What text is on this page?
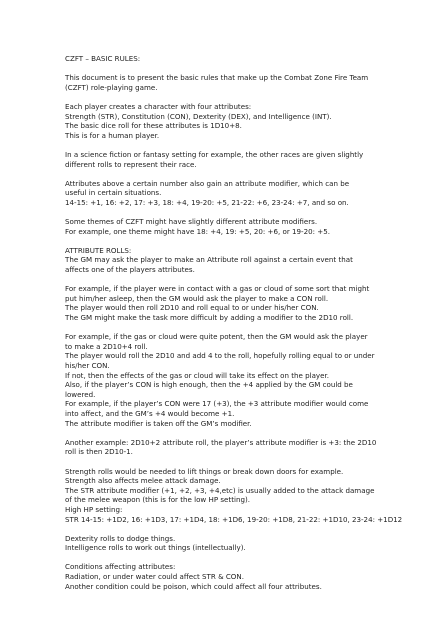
CZFT – BASIC RULES:
This document is to present the basic rules that make up the Combat Zone Fire Team
(CZFT) role-playing game.
Each player creates a character with four attributes:
Strength (STR), Constitution (CON), Dexterity (DEX), and Intelligence (INT).
The basic dice roll for these attributes is 1D10+8.
This is for a human player.
In a science fiction or fantasy setting for example, the other races are given slightly
different rolls to represent their race.
Attributes above a certain number also gain an attribute modifier, which can be
useful in certain situations.
14-15: +1, 16: +2, 17: +3, 18: +4, 19-20: +5, 21-22: +6, 23-24: +7, and so on.
Some themes of CZFT might have slightly different attribute modifiers.
For example, one theme might have 18: +4, 19: +5, 20: +6, or 19-20: +5.
ATTRIBUTE ROLLS:
The GM may ask the player to make an Attribute roll against a certain event that
affects one of the players attributes.
For example, if the player were in contact with a gas or cloud of some sort that might
put him/her asleep, then the GM would ask the player to make a CON roll.
The player would then roll 2D10 and roll equal to or under his/her CON.
The GM might make the task more difficult by adding a modifier to the 2D10 roll.
For example, if the gas or cloud were quite potent, then the GM would ask the player
to make a 2D10+4 roll.
The player would roll the 2D10 and add 4 to the roll, hopefully rolling equal to or under
his/her CON.
If not, then the effects of the gas or cloud will take its effect on the player.
Also, if the player’s CON is high enough, then the +4 applied by the GM could be
lowered.
For example, if the player’s CON were 17 (+3), the +3 attribute modifier would come
into affect, and the GM’s +4 would become +1.
The attribute modifier is taken off the GM’s modifier.
Another example: 2D10+2 attribute roll, the player’s attribute modifier is +3: the 2D10
roll is then 2D10-1.
Strength rolls would be needed to lift things or break down doors for example.
Strength also affects melee attack damage.
The STR attribute modifier (+1, +2, +3, +4,etc) is usually added to the attack damage
of the melee weapon (this is for the low HP setting).
High HP setting:
STR 14-15: +1D2, 16: +1D3, 17: +1D4, 18: +1D6, 19-20: +1D8, 21-22: +1D10, 23-24: +1D12
Dexterity rolls to dodge things.
Intelligence rolls to work out things (intellectually).
Conditions affecting attributes:
Radiation, or under water could affect STR & CON.
Another condition could be poison, which could affect all four attributes.
